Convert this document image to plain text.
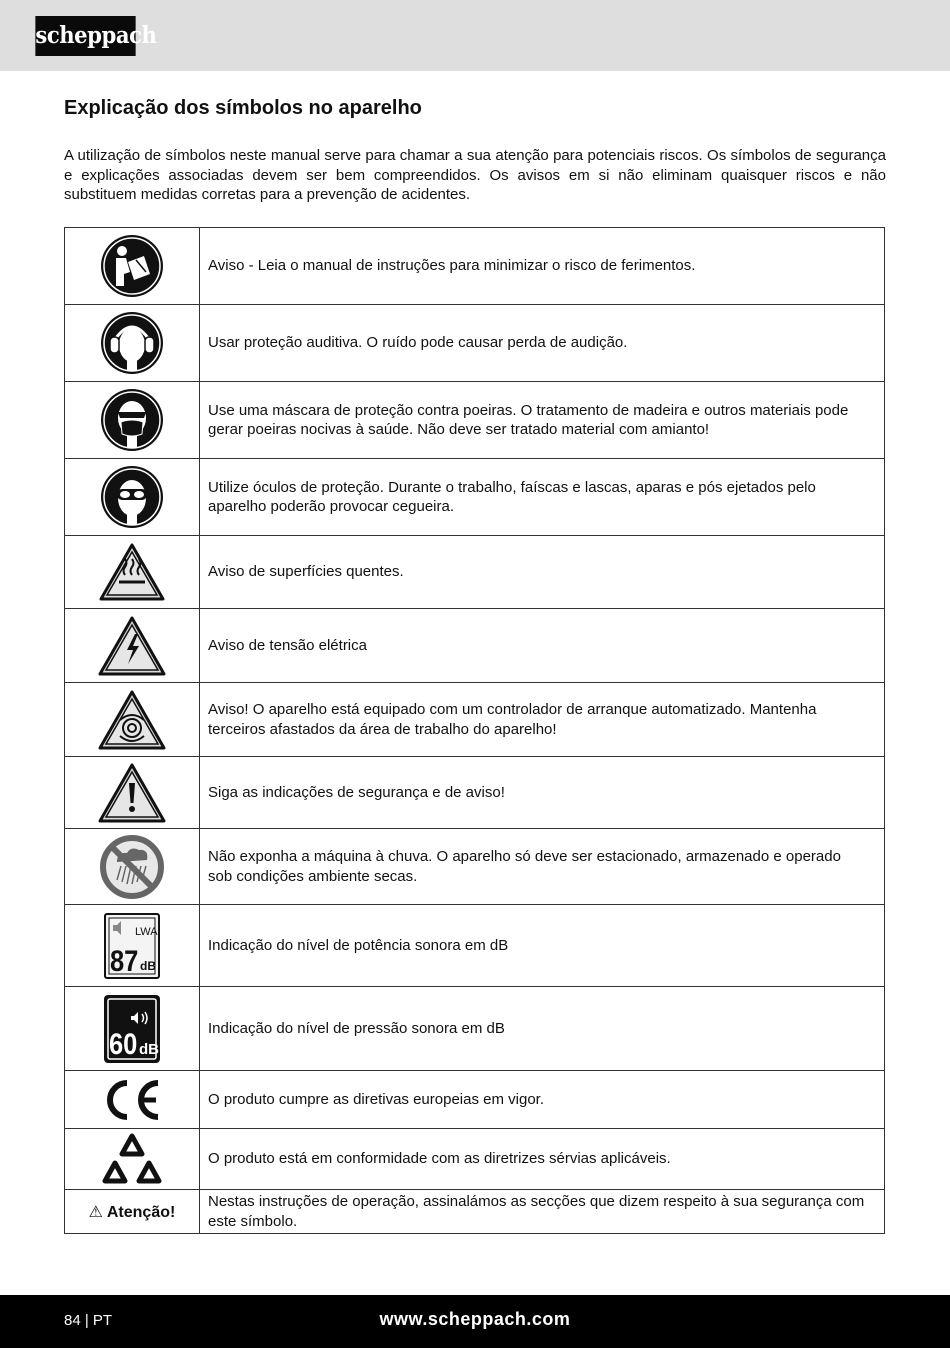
scheppach
Explicação dos símbolos no aparelho

A utilização de símbolos neste manual serve para chamar a sua atenção para potenciais riscos. Os símbolos de segurança e explicações associadas devem ser bem compreendidos. Os avisos em si não eliminam quaisquer riscos e não substituem medidas corretas para a prevenção de acidentes.

	Aviso - Leia o manual de instruções para minimizar o risco de ferimentos.

	Usar proteção auditiva. O ruído pode causar perda de audição.

	Use uma máscara de proteção contra poeiras. O tratamento de madeira e outros materiais pode gerar poeiras nocivas à saúde. Não deve ser tratado material com amianto!

	Utilize óculos de proteção. Durante o trabalho, faíscas e lascas, aparas e pós ejetados pelo aparelho poderão provocar cegueira.

	Aviso de superfícies quentes.

	Aviso de tensão elétrica

	Aviso! O aparelho está equipado com um controlador de arranque automatizado. Mantenha terceiros afastados da área de trabalho do aparelho!

	Siga as indicações de segurança e de aviso!

	Não exponha a máquina à chuva. O aparelho só deve ser estacionado, armazenado e operado sob condições ambiente secas.

LWA
87 dB	Indicação do nível de potência sonora em dB

60 dB	Indicação do nível de pressão sonora em dB

	O produto cumpre as diretivas europeias em vigor.

	O produto está em conformidade com as diretrizes sérvias aplicáveis.
⚠ Atenção!	Nestas instruções de operação, assinalámos as secções que dizem respeito à sua segurança com este símbolo.
84 | PT	www.scheppach.com
